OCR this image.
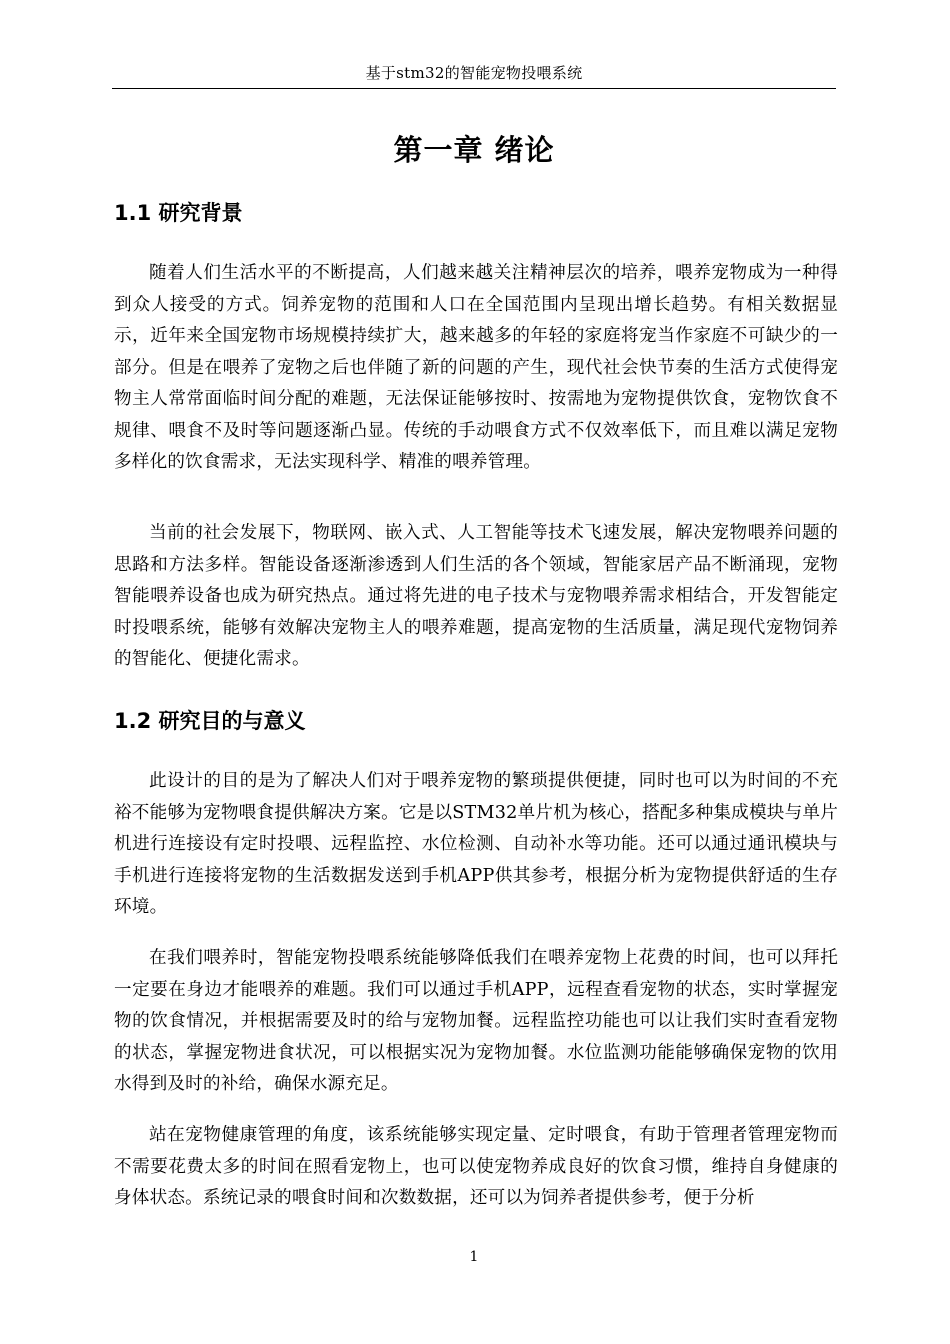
基于stm32的智能宠物投喂系统
第一章 绪论
1.1 研究背景

随着人们生活水平的不断提高，人们越来越关注精神层次的培养，喂养宠物成为一种得到众人接受的方式。饲养宠物的范围和人口在全国范围内呈现出增长趋势。有相关数据显示，近年来全国宠物市场规模持续扩大，越来越多的年轻的家庭将宠当作家庭不可缺少的一部分。但是在喂养了宠物之后也伴随了新的问题的产生，现代社会快节奏的生活方式使得宠物主人常常面临时间分配的难题，无法保证能够按时、按需地为宠物提供饮食，宠物饮食不规律、喂食不及时等问题逐渐凸显。传统的手动喂食方式不仅效率低下，而且难以满足宠物多样化的饮食需求，无法实现科学、精准的喂养管理。

当前的社会发展下，物联网、嵌入式、人工智能等技术飞速发展，解决宠物喂养问题的思路和方法多样。智能设备逐渐渗透到人们生活的各个领域，智能家居产品不断涌现，宠物智能喂养设备也成为研究热点。通过将先进的电子技术与宠物喂养需求相结合，开发智能定时投喂系统，能够有效解决宠物主人的喂养难题，提高宠物的生活质量，满足现代宠物饲养的智能化、便捷化需求。

1.2 研究目的与意义

此设计的目的是为了解决人们对于喂养宠物的繁琐提供便捷，同时也可以为时间的不充裕不能够为宠物喂食提供解决方案。它是以STM32单片机为核心，搭配多种集成模块与单片机进行连接设有定时投喂、远程监控、水位检测、自动补水等功能。还可以通过通讯模块与手机进行连接将宠物的生活数据发送到手机APP供其参考，根据分析为宠物提供舒适的生存环境。

在我们喂养时，智能宠物投喂系统能够降低我们在喂养宠物上花费的时间，也可以拜托一定要在身边才能喂养的难题。我们可以通过手机APP，远程查看宠物的状态，实时掌握宠物的饮食情况，并根据需要及时的给与宠物加餐。远程监控功能也可以让我们实时查看宠物的状态，掌握宠物进食状况，可以根据实况为宠物加餐。水位监测功能能够确保宠物的饮用水得到及时的补给，确保水源充足。

站在宠物健康管理的角度，该系统能够实现定量、定时喂食，有助于管理者管理宠物而不需要花费太多的时间在照看宠物上，也可以使宠物养成良好的饮食习惯，维持自身健康的身体状态。系统记录的喂食时间和次数数据，还可以为饲养者提供参考，便于分析

1
